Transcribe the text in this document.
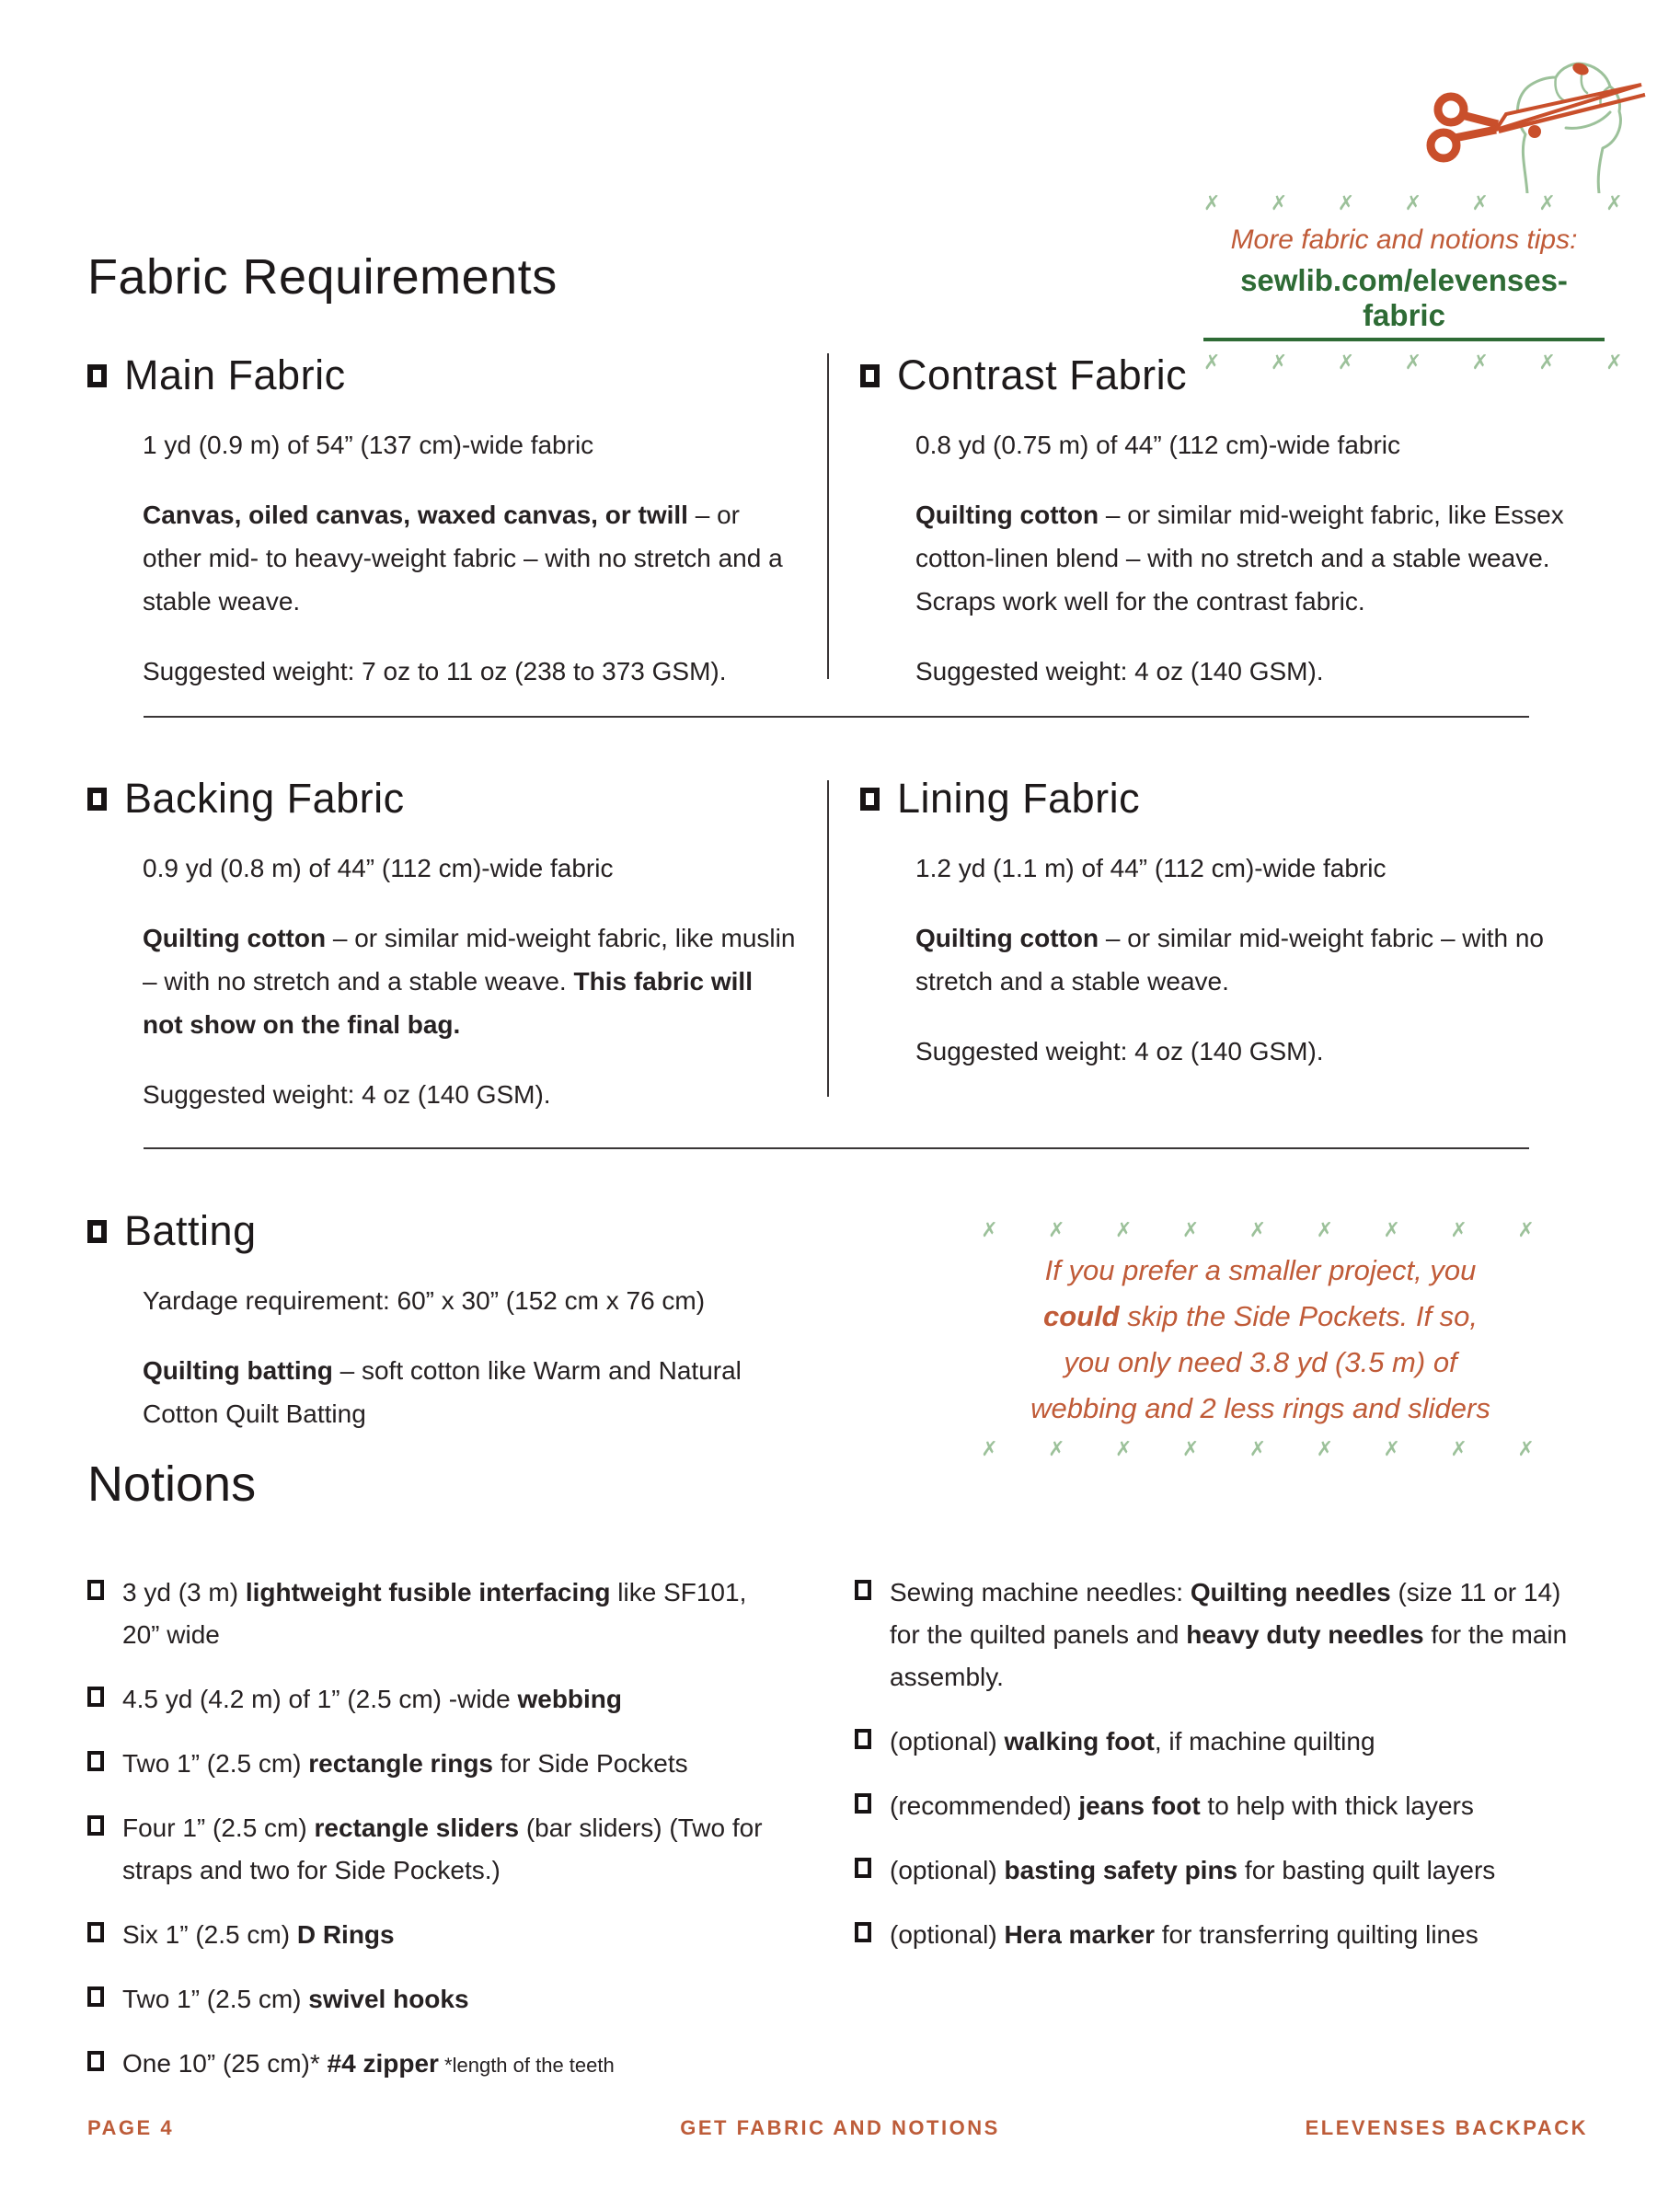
✗    ✗    ✗    ✗    ✗    ✗    ✗
More fabric and notions tips:
sewlib.com/elevenses-fabric
✗    ✗    ✗    ✗    ✗    ✗    ✗
Fabric Requirements
Main Fabric

1 yd (0.9 m) of 54” (137 cm)-wide fabric

Canvas, oiled canvas, waxed canvas, or twill – or other mid- to heavy-weight fabric – with no stretch and a stable weave.

Suggested weight: 7 oz to 11 oz (238 to 373 GSM).

Contrast Fabric

0.8 yd (0.75 m) of 44” (112 cm)-wide fabric

Quilting cotton – or similar mid-weight fabric, like Essex cotton-linen blend – with no stretch and a stable weave. Scraps work well for the contrast fabric.

Suggested weight: 4 oz (140 GSM).

Backing Fabric

0.9 yd (0.8 m) of 44” (112 cm)-wide fabric

Quilting cotton – or similar mid-weight fabric, like muslin – with no stretch and a stable weave. This fabric will not show on the final bag.

Suggested weight: 4 oz (140 GSM).

Lining Fabric

1.2 yd (1.1 m) of 44” (112 cm)-wide fabric

Quilting cotton – or similar mid-weight fabric – with no stretch and a stable weave.

Suggested weight: 4 oz (140 GSM).

Batting

Yardage requirement: 60” x 30” (152 cm x 76 cm)

Quilting batting – soft cotton like Warm and Natural Cotton Quilt Batting

✗    ✗    ✗    ✗    ✗    ✗    ✗    ✗    ✗
If you prefer a smaller project, you
could skip the Side Pockets. If so,
you only need 3.8 yd (3.5 m) of
webbing and 2 less rings and sliders
✗    ✗    ✗    ✗    ✗    ✗    ✗    ✗    ✗
Notions

3 yd (3 m) lightweight fusible interfacing like SF101, 20” wide

4.5 yd (4.2 m) of 1” (2.5 cm) -wide webbing

Two 1” (2.5 cm) rectangle rings for Side Pockets

Four 1” (2.5 cm) rectangle sliders (bar sliders) (Two for straps and two for Side Pockets.)

Six 1” (2.5 cm) D Rings

Two 1” (2.5 cm) swivel hooks

One 10” (25 cm)* #4 zipper *length of the teeth

Sewing machine needles: Quilting needles (size 11 or 14) for the quilted panels and heavy duty needles for the main assembly.

(optional) walking foot, if machine quilting

(recommended) jeans foot to help with thick layers

(optional) basting safety pins for basting quilt layers

(optional) Hera marker for transferring quilting lines

PAGE 4	GET FABRIC AND NOTIONS	ELEVENSES BACKPACK
